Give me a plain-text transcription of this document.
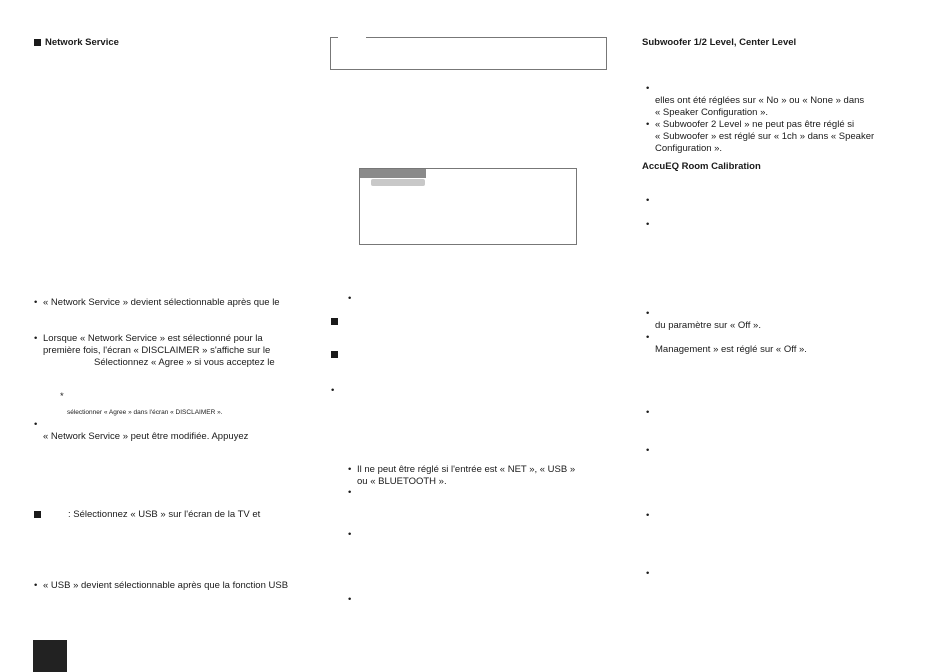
Network Service
• « Network Service » devient sélectionnable après que le
• Lorsque « Network Service » est sélectionné pour la
première fois, l'écran « DISCLAIMER » s'affiche sur le
Sélectionnez « Agree » si vous acceptez le
*
sélectionner « Agree » dans l'écran « DISCLAIMER ».
•
« Network Service » peut être modifiée. Appuyez
: Sélectionnez « USB » sur l'écran de la TV et
• « USB » devient sélectionnable après que la fonction USB
•
•
• Il ne peut être réglé si l'entrée est « NET », « USB »
ou « BLUETOOTH ».
•
•
•
Subwoofer 1/2 Level, Center Level
•
elles ont été réglées sur « No » ou « None » dans
« Speaker Configuration ».
• « Subwoofer 2 Level » ne peut pas être réglé si
« Subwoofer » est réglé sur « 1ch » dans « Speaker
Configuration ».
AccuEQ Room Calibration
•
•
•
du paramètre sur « Off ».
•
Management » est réglé sur « Off ».
•
•
•
•
